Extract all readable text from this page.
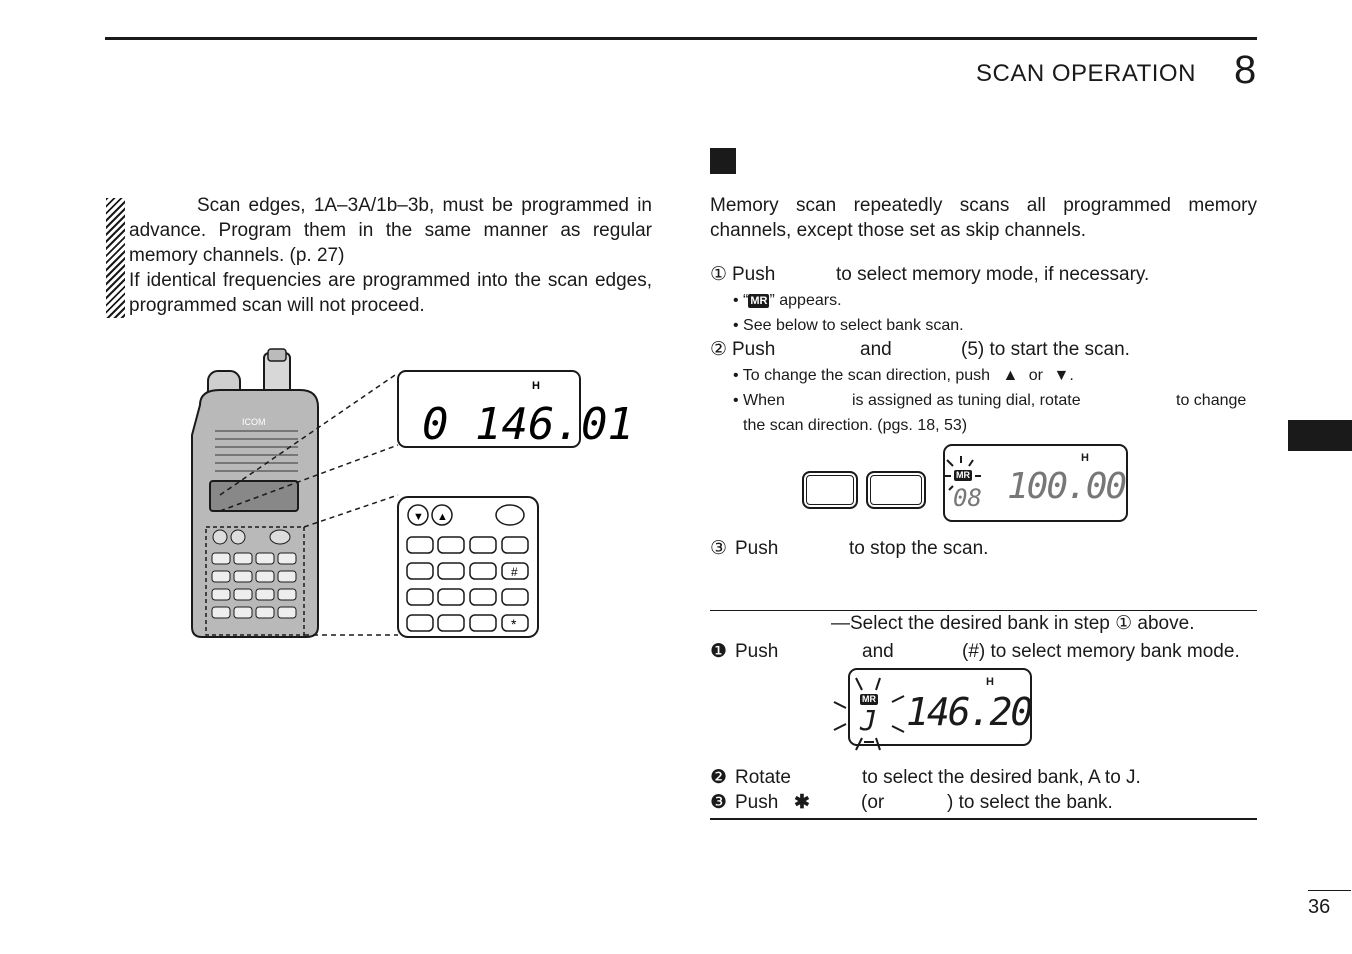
SCAN OPERATION 8

Scan edges, 1A–3A/1b–3b, must be programmed in advance. Program them in the same manner as regular memory channels. (p. 27)

If identical frequencies are programmed into the scan edges, programmed scan will not proceed.

ICOM
H
0 146.01
▼ ▲
#
*
Memory scan repeatedly scans all programmed memory channels, except those set as skip channels.
① Push	to select memory mode, if necessary.
• “ MR ” appears.
• See below to select bank scan.
② Push	and	(5) to start the scan.
• To change the scan direction, push ▲ or ▼.
• When	is assigned as tuning dial, rotate	to change
the scan direction. (pgs. 18, 53)
H
MR
08 100.00
③ Push	to stop the scan.
—Select the desired bank in step ① above.
❶ Push	and	(#) to select memory bank mode.
H
MR
J 146.20
❷ Rotate	to select the desired bank, A to J.
❸ Push ✱	(or	) to select the bank.
36
